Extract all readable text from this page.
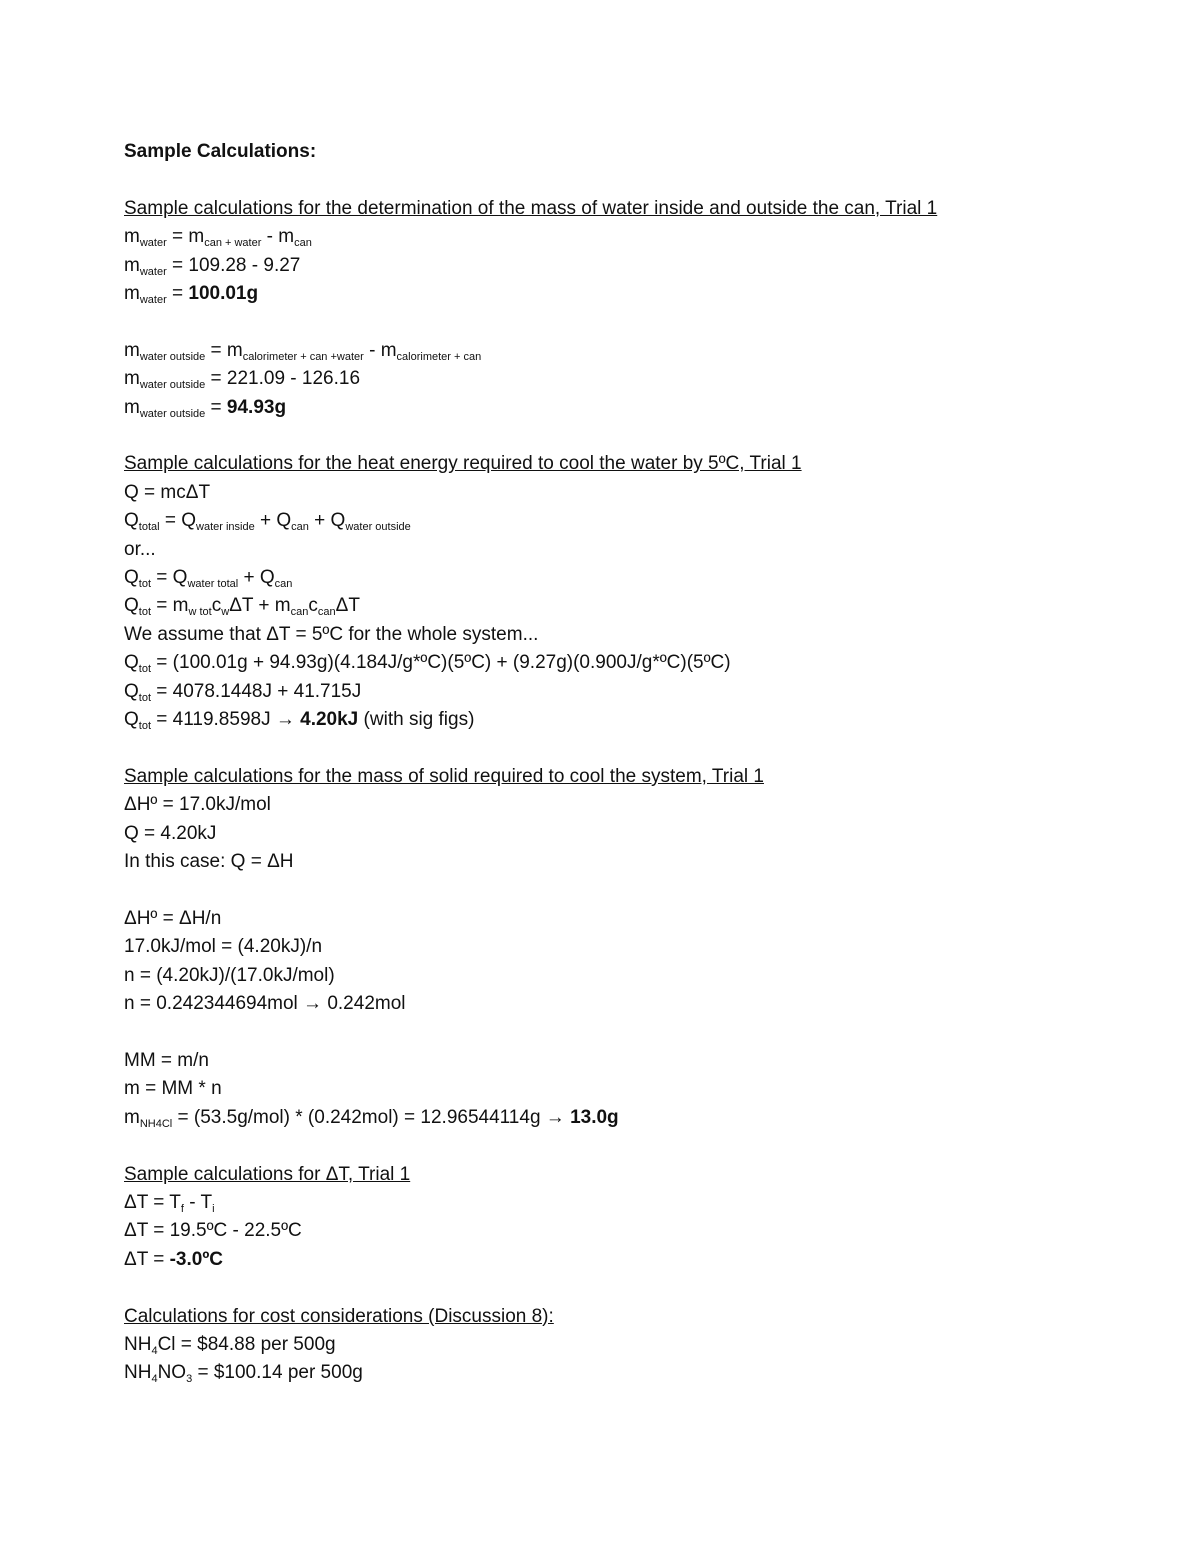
Sample Calculations:
Sample calculations for the determination of the mass of water inside and outside the can, Trial 1
$m_{water} = m_{can + water} - m_{can}$
$m_{water} = 109.28 - 9.27$
$m_{water} = 100.01g$
$m_{water outside} = m_{calorimeter + can +water} - m_{calorimeter + can}$
$m_{water outside} = 221.09 - 126.16$
$m_{water outside} = 94.93g$
Sample calculations for the heat energy required to cool the water by 5ºC, Trial 1
Q = mcΔT
$Q_{total} = Q_{water inside} + Q_{can} + Q_{water outside}$
or...
$Q_{tot} = Q_{water total} + Q_{can}$
$Q_{tot} = m_{w tot}c_w\Delta T + m_{can}c_{can}\Delta T$
We assume that ΔT = 5ºC for the whole system...
$Q_{tot} = (100.01g$ + 94.93g)(4.184J/g*ºC)(5ºC) + (9.27g)(0.900J/g*ºC)(5ºC)
$Q_{tot} = 4078.1448J + 41.715J$
$Q_{tot} = 4119.8598J \to 4.20kJ$ (with sig figs)
Sample calculations for the mass of solid required to cool the system, Trial 1
ΔHº = 17.0kJ/mol
Q = 4.20kJ
In this case: Q = ΔH
ΔHº = ΔH/n
17.0kJ/mol = (4.20kJ)/n
n = (4.20kJ)/(17.0kJ/mol)
n = 0.242344694mol → 0.242mol
MM = m/n
m = MM * n
$m_{NH4Cl} = (53.5g/mol) * (0.242mol) = 12.96544114g \to 13.0g$
Sample calculations for ΔT, Trial 1
$\Delta T = T_f - T_i$
ΔT = 19.5ºC - 22.5ºC
ΔT = -3.0ºC
Calculations for cost considerations (Discussion 8):
$NH_4Cl$ = $84.88 per 500g
$NH_4NO_3$ = $100.14 per 500g
